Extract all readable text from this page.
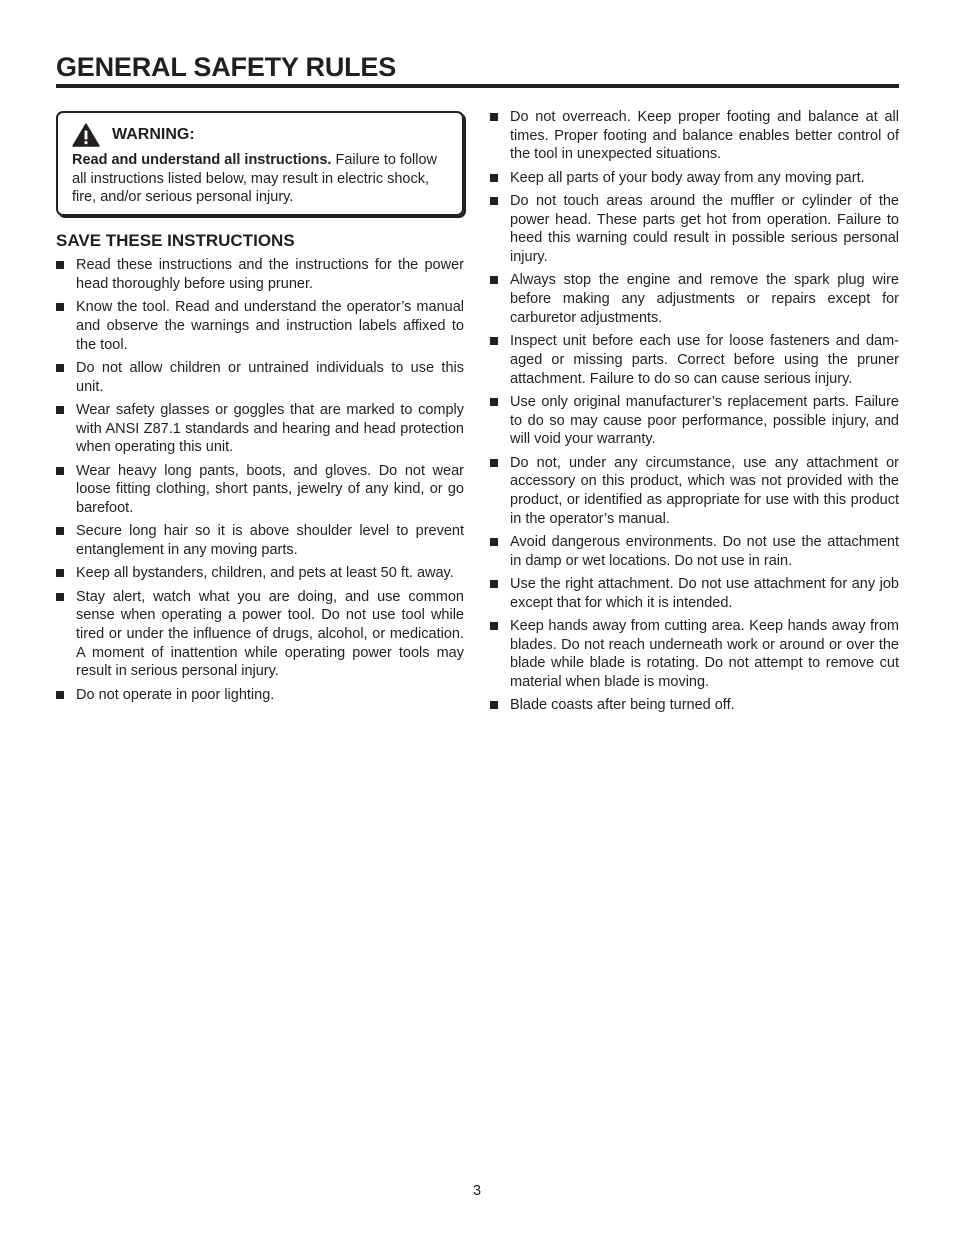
GENERAL SAFETY RULES
WARNING:

Read and understand all instructions. Failure to follow all instructions listed below, may result in electric shock, fire, and/or serious personal injury.

SAVE THESE INSTRUCTIONS
Read these instructions and the instructions for the power head thoroughly before using pruner.
Know the tool. Read and understand the operator’s manual and observe the warnings and instruction labels affixed to the tool.
Do not allow children or untrained individuals to use this unit.
Wear safety glasses or goggles that are marked to comply with ANSI Z87.1 standards and hearing and head protection when operating this unit.
Wear heavy long pants, boots, and gloves. Do not wear loose fitting clothing, short pants, jewelry of any kind, or go barefoot.
Secure long hair so it is above shoulder level to prevent entanglement in any moving parts.
Keep all bystanders, children, and pets at least 50 ft. away.
Stay alert, watch what you are doing, and use common sense when operating a power tool. Do not use tool while tired or under the influence of drugs, alcohol, or medication. A moment of inattention while operating power tools may result in serious personal injury.
Do not operate in poor lighting.
Do not overreach. Keep proper footing and balance at all times. Proper footing and balance enables better control of the tool in unexpected situations.
Keep all parts of your body away from any moving part.
Do not touch areas around the muffler or cylinder of the power head. These parts get hot from operation. Failure to heed this warning could result in possible serious personal injury.
Always stop the engine and remove the spark plug wire before making any adjustments or repairs except for carburetor adjustments.
Inspect unit before each use for loose fasteners and damaged or missing parts. Correct before using the pruner attachment. Failure to do so can cause serious injury.
Use only original manufacturer’s replacement parts. Failure to do so may cause poor performance, possible injury, and will void your warranty.
Do not, under any circumstance, use any attachment or accessory on this product, which was not provided with the product, or identified as appropriate for use with this product in the operator’s manual.
Avoid dangerous environments. Do not use the attachment in damp or wet locations. Do not use in rain.
Use the right attachment. Do not use attachment for any job except that for which it is intended.
Keep hands away from cutting area. Keep hands away from blades. Do not reach underneath work or around or over the blade while blade is rotating. Do not attempt to remove cut material when blade is moving.
Blade coasts after being turned off.
3
